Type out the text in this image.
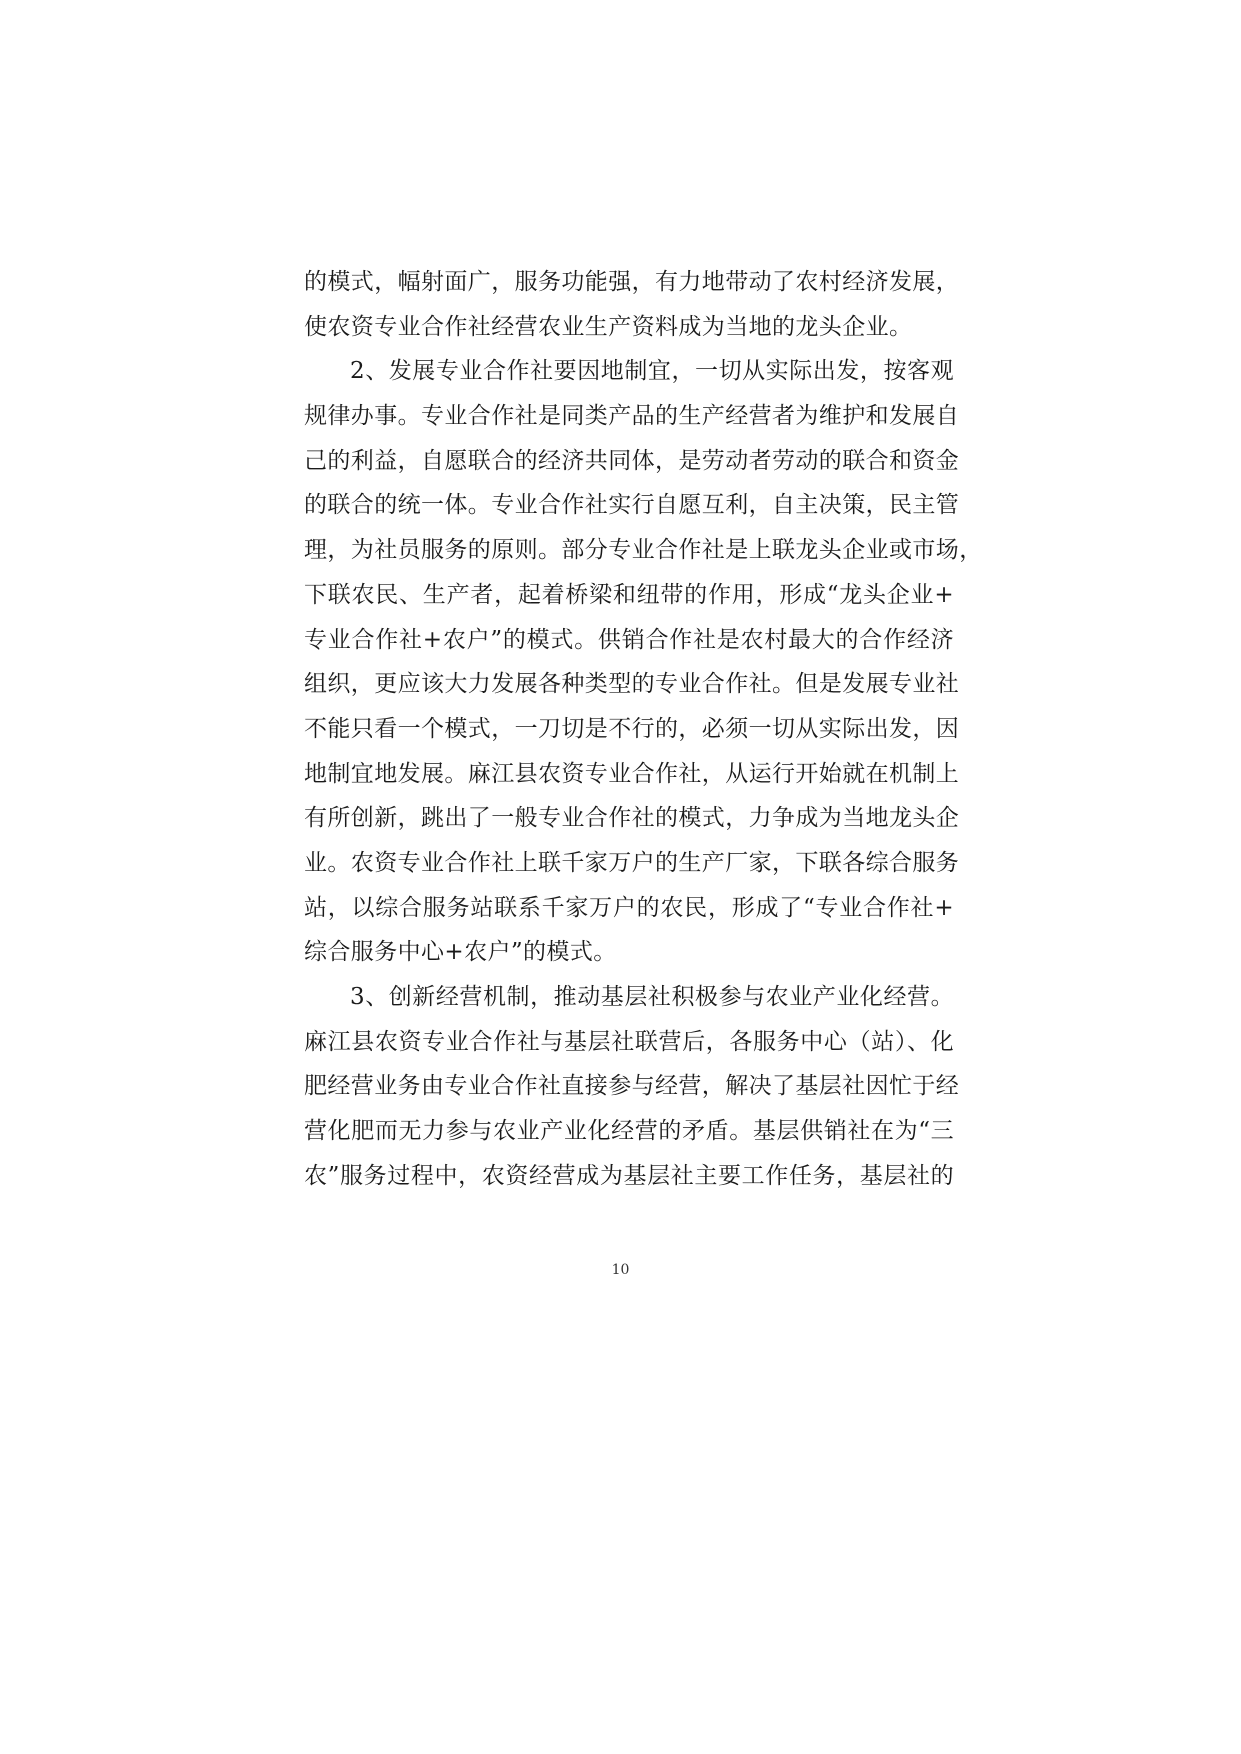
的模式，幅射面广，服务功能强，有力地带动了农村经济发展，
使农资专业合作社经营农业生产资料成为当地的龙头企业。
2、发展专业合作社要因地制宜，一切从实际出发，按客观
规律办事。专业合作社是同类产品的生产经营者为维护和发展自
己的利益，自愿联合的经济共同体，是劳动者劳动的联合和资金
的联合的统一体。专业合作社实行自愿互利，自主决策，民主管
理，为社员服务的原则。部分专业合作社是上联龙头企业或市场，
下联农民、生产者，起着桥梁和纽带的作用，形成“龙头企业+
专业合作社+农户”的模式。供销合作社是农村最大的合作经济
组织，更应该大力发展各种类型的专业合作社。但是发展专业社
不能只看一个模式，一刀切是不行的，必须一切从实际出发，因
地制宜地发展。麻江县农资专业合作社，从运行开始就在机制上
有所创新，跳出了一般专业合作社的模式，力争成为当地龙头企
业。农资专业合作社上联千家万户的生产厂家，下联各综合服务
站，以综合服务站联系千家万户的农民，形成了“专业合作社+
综合服务中心+农户”的模式。
3、创新经营机制，推动基层社积极参与农业产业化经营。
麻江县农资专业合作社与基层社联营后，各服务中心（站）、化
肥经营业务由专业合作社直接参与经营，解决了基层社因忙于经
营化肥而无力参与农业产业化经营的矛盾。基层供销社在为“三
农”服务过程中，农资经营成为基层社主要工作任务，基层社的
10
